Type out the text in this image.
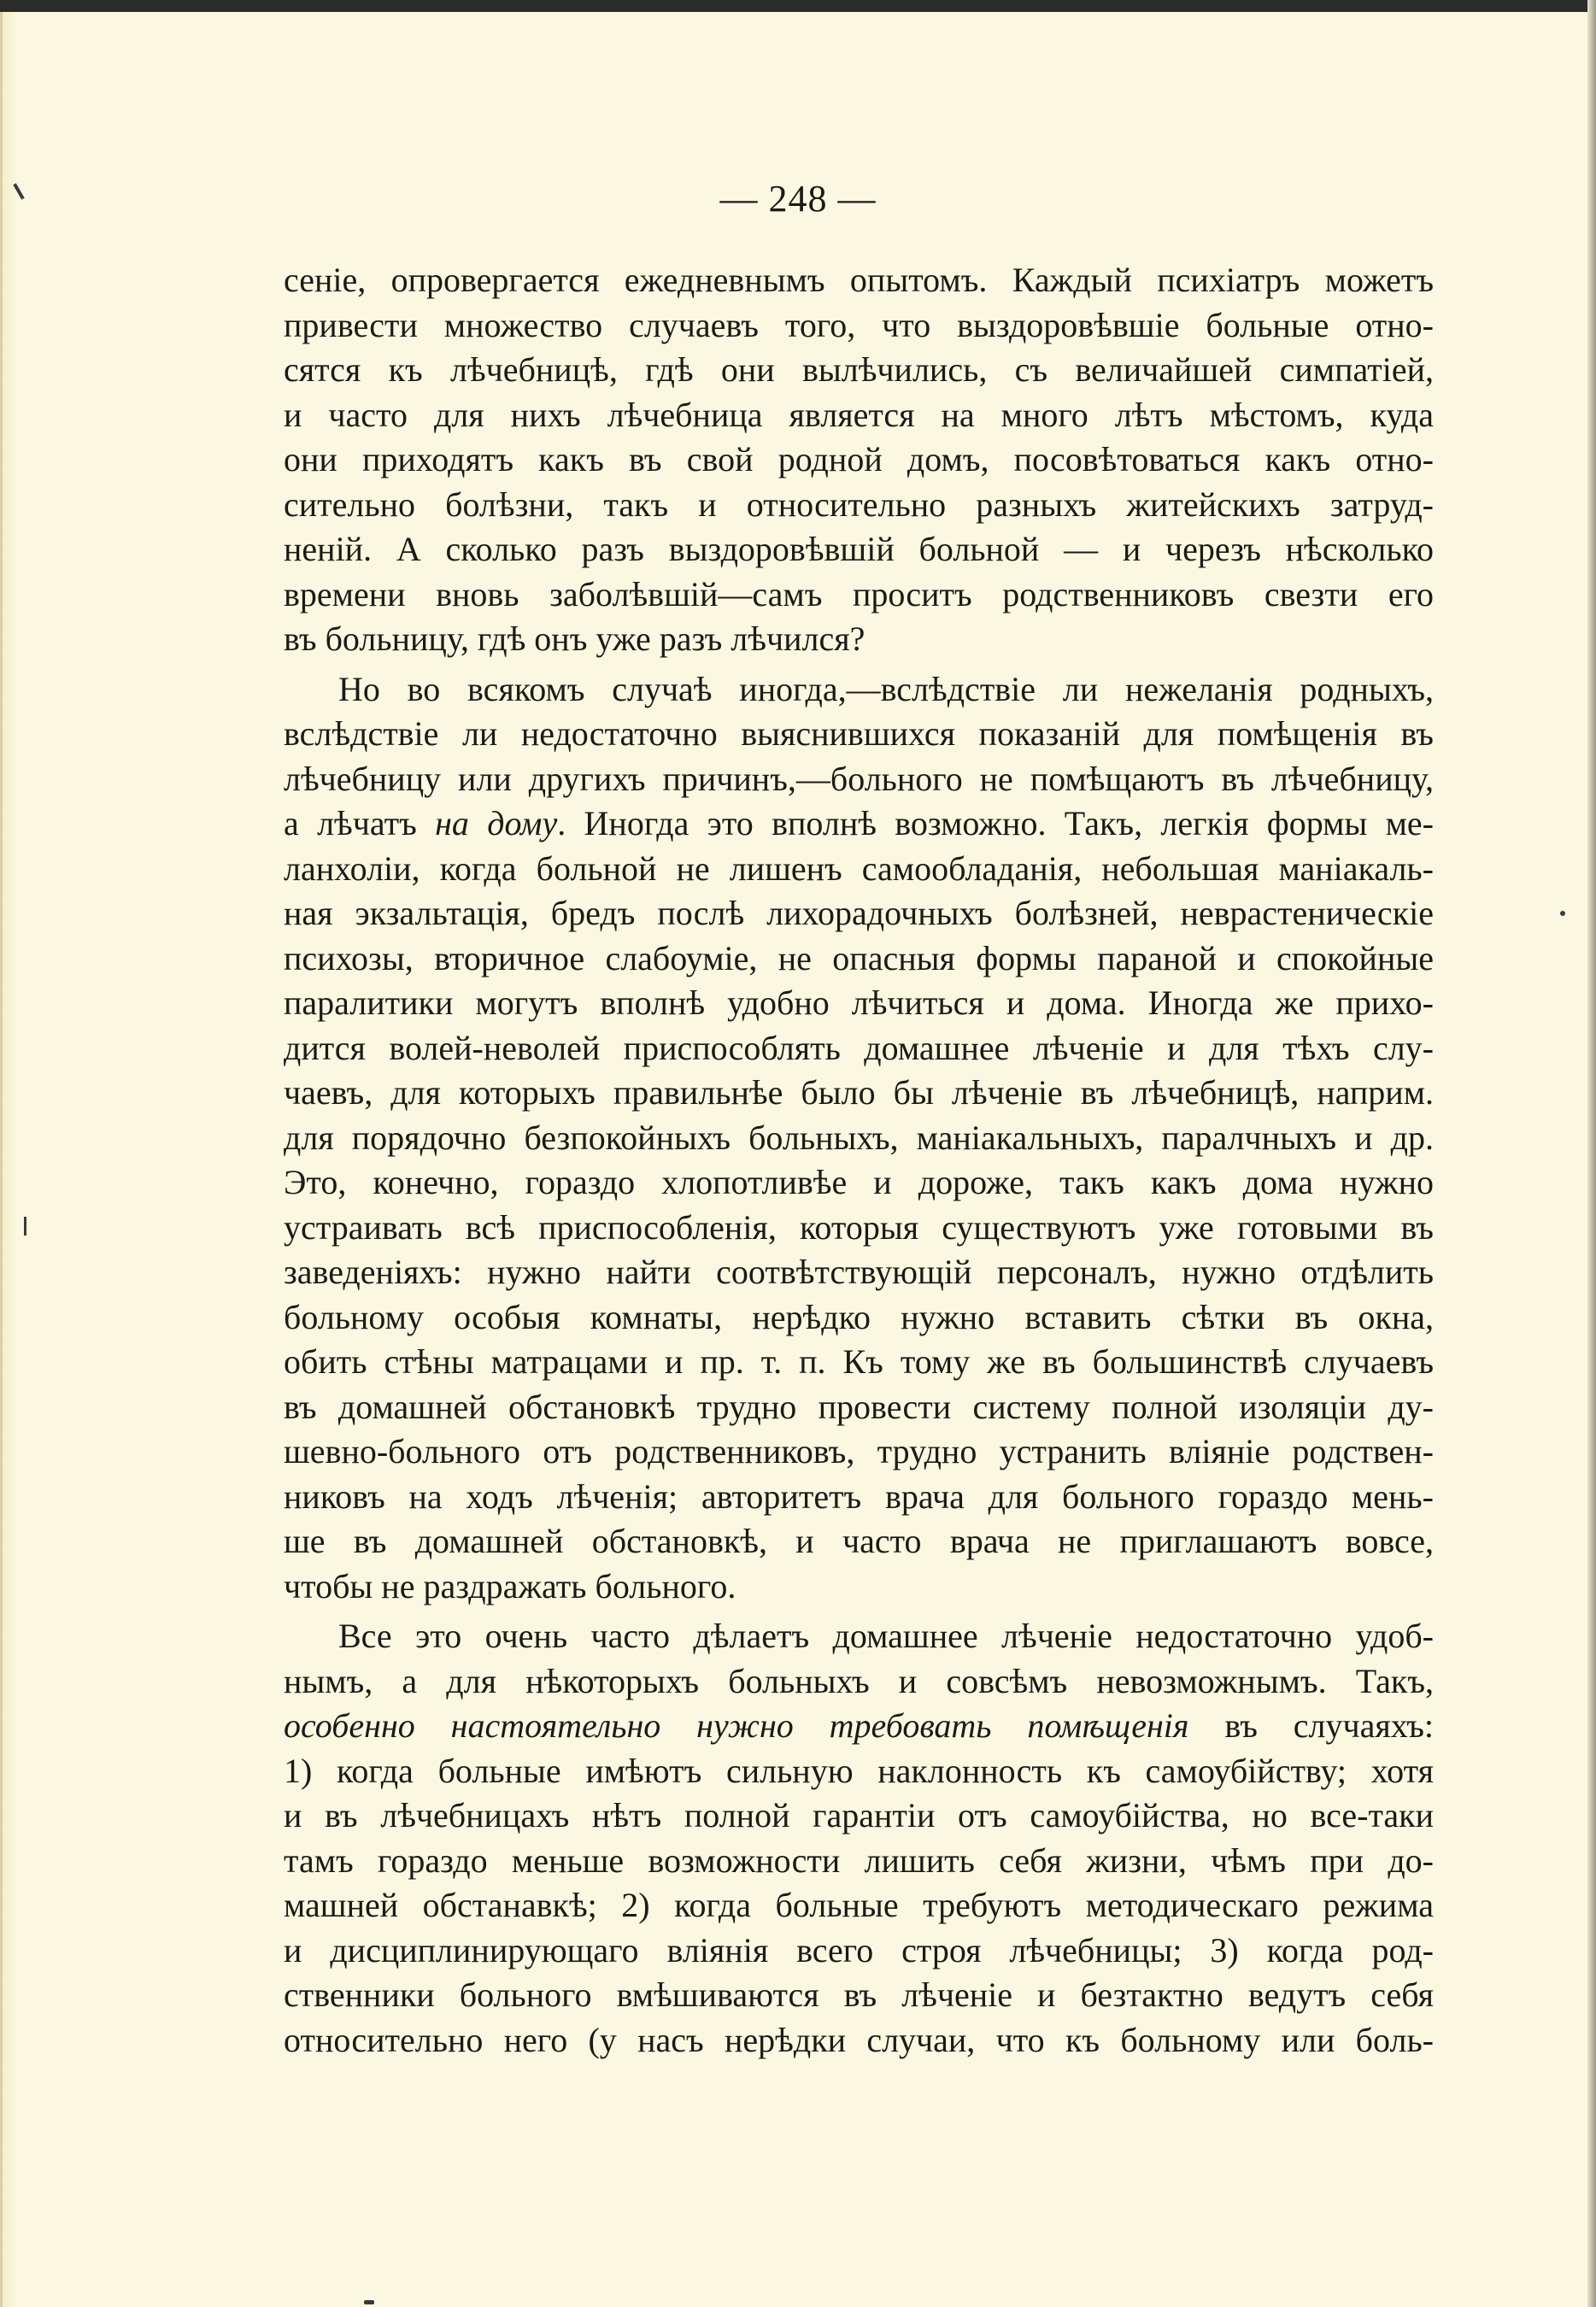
— 248 —
сеніе, опровергается ежедневнымъ опытомъ. Каждый психіатръ можетъ
привести множество случаевъ того, что выздоровѣвшіе больные отно-
сятся къ лѣчебницѣ, гдѣ они вылѣчились, съ величайшей симпатіей,
и часто для нихъ лѣчебница является на много лѣтъ мѣстомъ, куда
они приходятъ какъ въ свой родной домъ, посовѣтоваться какъ отно-
сительно болѣзни, такъ и относительно разныхъ житейскихъ затруд-
неній. А сколько разъ выздоровѣвшій больной — и черезъ нѣсколько
времени вновь заболѣвшій—самъ проситъ родственниковъ свезти его
въ больницу, гдѣ онъ уже разъ лѣчился?
Но во всякомъ случаѣ иногда,—вслѣдствіе ли нежеланія родныхъ,
вслѣдствіе ли недостаточно выяснившихся показаній для помѣщенія въ
лѣчебницу или другихъ причинъ,—больного не помѣщаютъ въ лѣчебницу,
а лѣчатъ на дому. Иногда это вполнѣ возможно. Такъ, легкія формы ме-
ланхоліи, когда больной не лишенъ самообладанія, небольшая маніакаль-
ная экзальтація, бредъ послѣ лихорадочныхъ болѣзней, неврастеническіе
психозы, вторичное слабоуміе, не опасныя формы параной и спокойные
паралитики могутъ вполнѣ удобно лѣчиться и дома. Иногда же прихо-
дится волей-неволей приспособлять домашнее лѣченіе и для тѣхъ слу-
чаевъ, для которыхъ правильнѣе было бы лѣченіе въ лѣчебницѣ, наприм.
для порядочно безпокойныхъ больныхъ, маніакальныхъ, паралчныхъ и др.
Это, конечно, гораздо хлопотливѣе и дороже, такъ какъ дома нужно
устраивать всѣ приспособленія, которыя существуютъ уже готовыми въ
заведеніяхъ: нужно найти соотвѣтствующій персоналъ, нужно отдѣлить
больному особыя комнаты, нерѣдко нужно вставить сѣтки въ окна,
обить стѣны матрацами и пр. т. п. Къ тому же въ большинствѣ случаевъ
въ домашней обстановкѣ трудно провести систему полной изоляціи ду-
шевно-больного отъ родственниковъ, трудно устранить вліяніе родствен-
никовъ на ходъ лѣченія; авторитетъ врача для больного гораздо мень-
ше въ домашней обстановкѣ, и часто врача не приглашаютъ вовсе,
чтобы не раздражать больного.
Все это очень часто дѣлаетъ домашнее лѣченіе недостаточно удоб-
нымъ, а для нѣкоторыхъ больныхъ и совсѣмъ невозможнымъ. Такъ,
особенно настоятельно нужно требовать помѣщенія въ случаяхъ:
1) когда больные имѣютъ сильную наклонность къ самоубійству; хотя
и въ лѣчебницахъ нѣтъ полной гарантіи отъ самоубійства, но все-таки
тамъ гораздо меньше возможности лишить себя жизни, чѣмъ при до-
машней обстанавкѣ; 2) когда больные требуютъ методическаго режима
и дисциплинирующаго вліянія всего строя лѣчебницы; 3) когда род-
ственники больного вмѣшиваются въ лѣченіе и безтактно ведутъ себя
относительно него (у насъ нерѣдки случаи, что къ больному или боль-
